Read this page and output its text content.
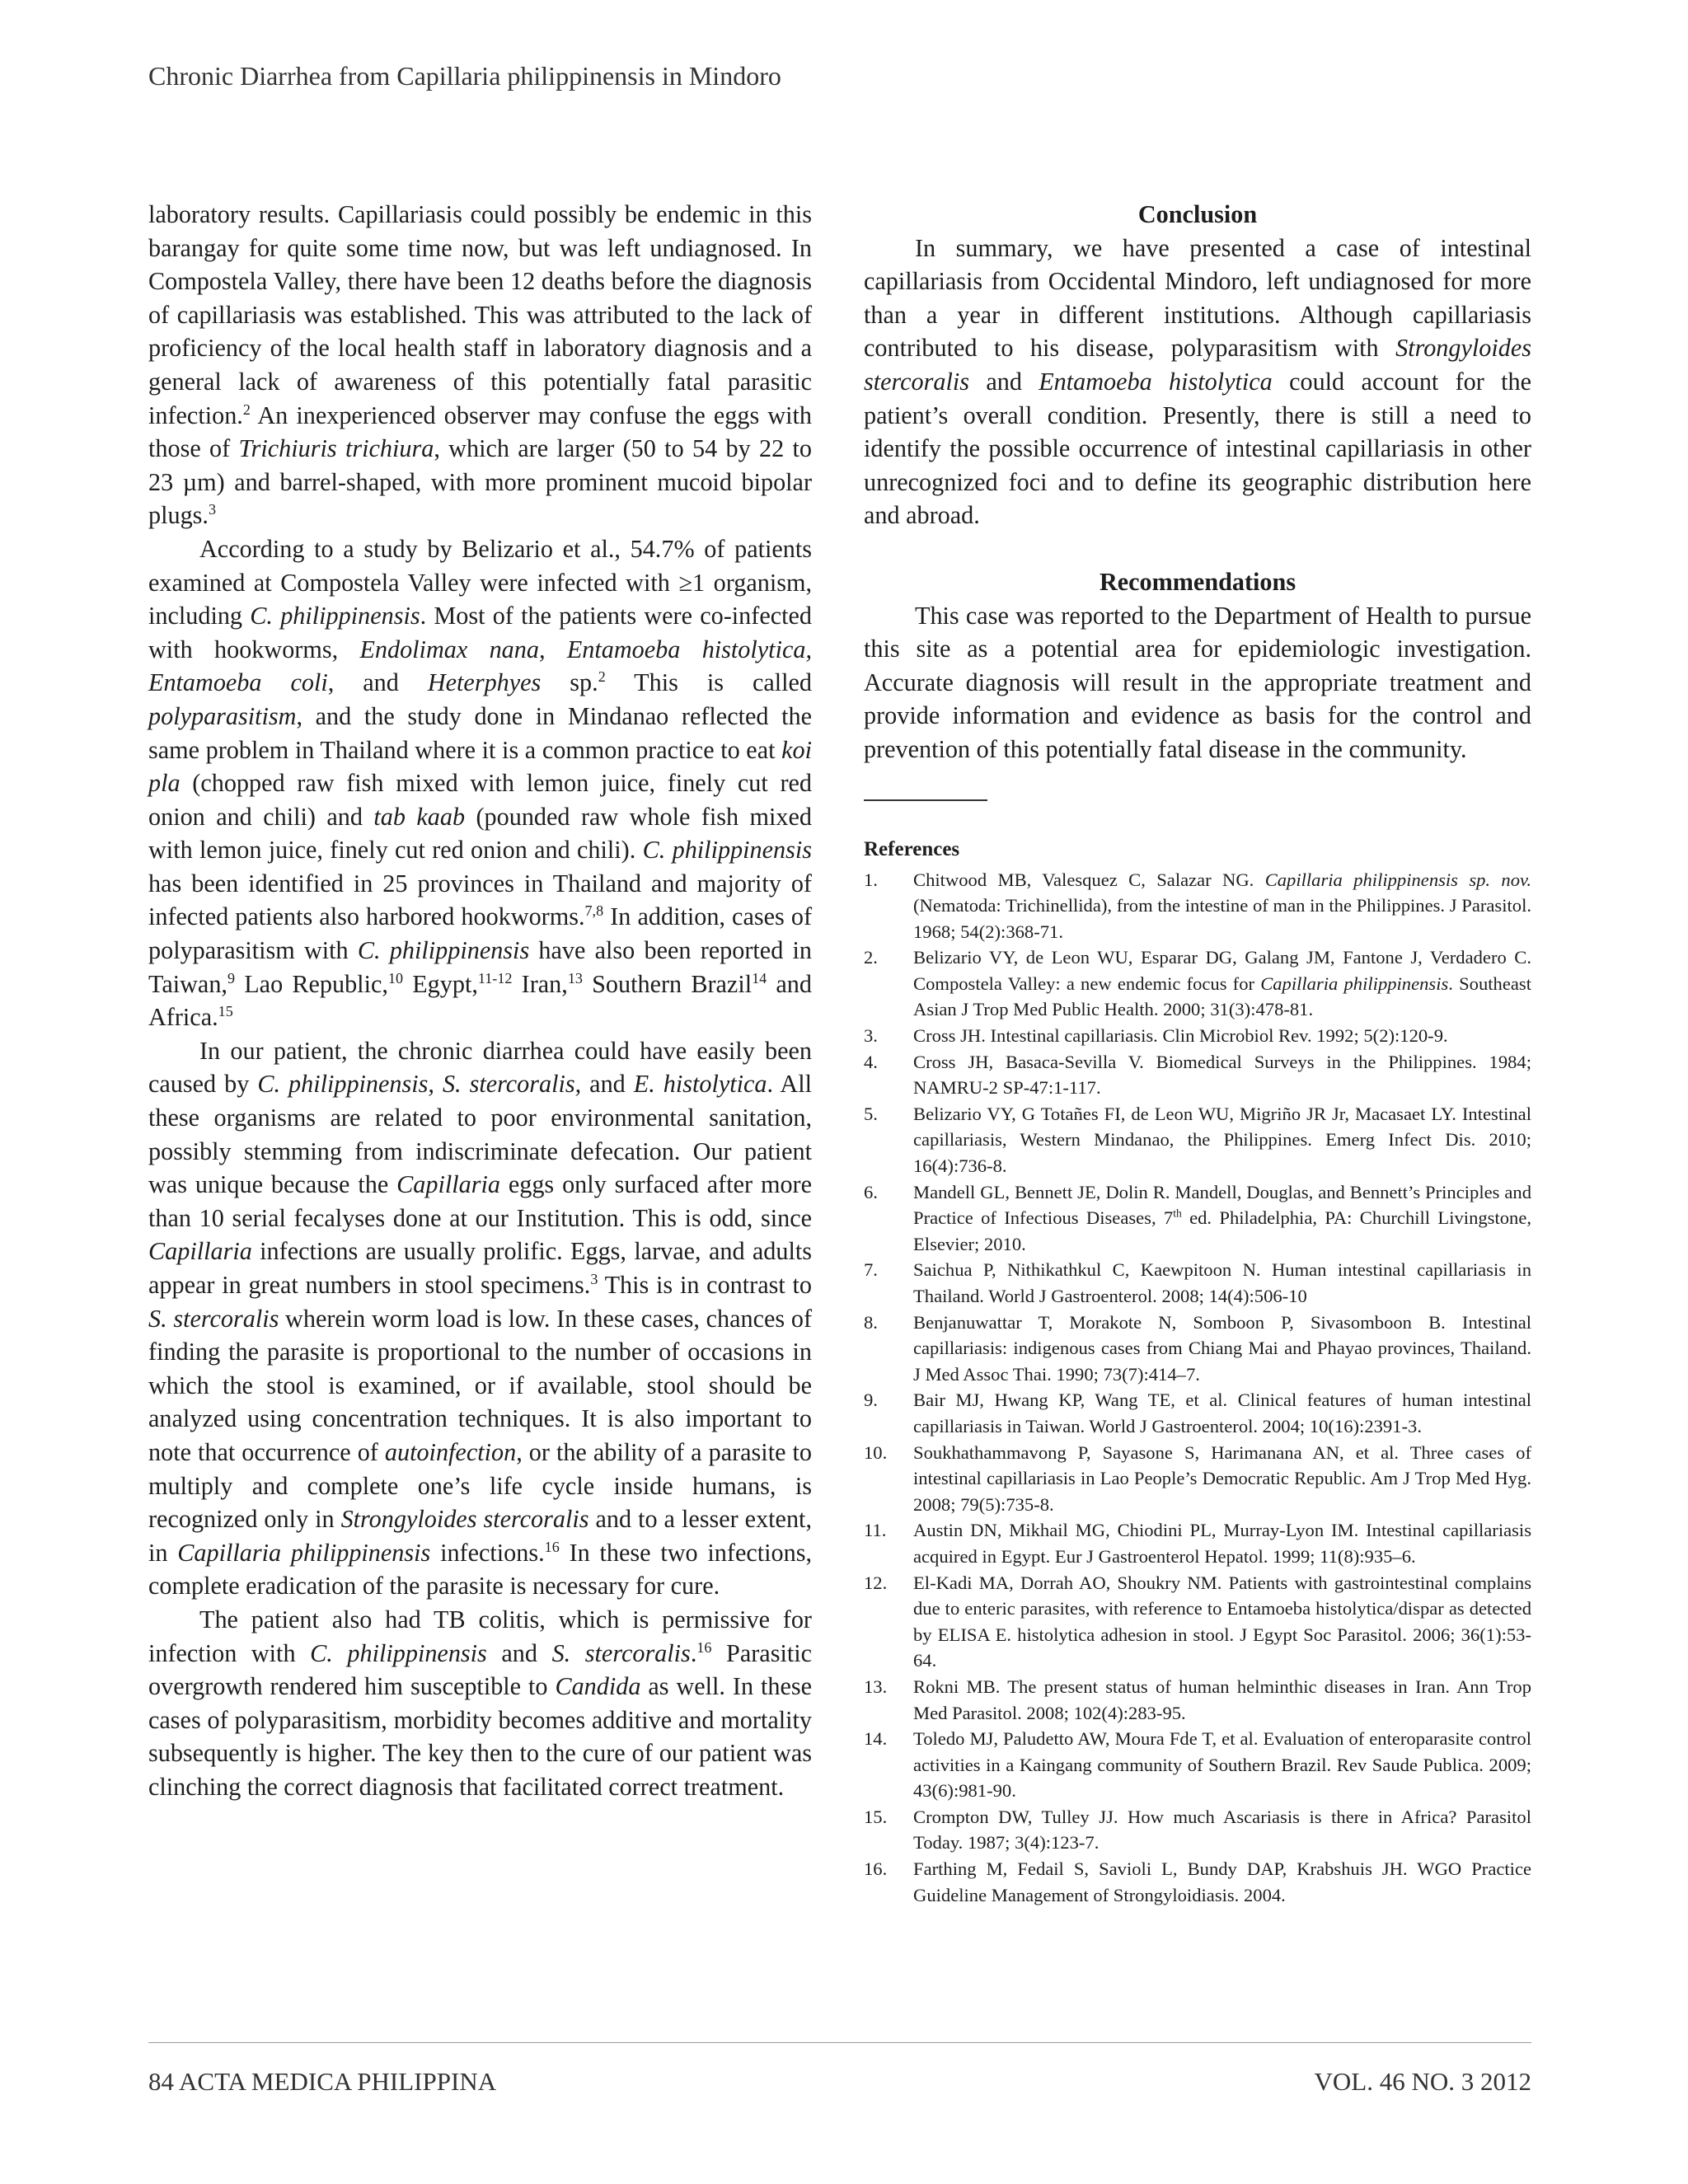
Chronic Diarrhea from Capillaria philippinensis in Mindoro

laboratory results. Capillariasis could possibly be endemic in this barangay for quite some time now, but was left undiagnosed. In Compostela Valley, there have been 12 deaths before the diagnosis of capillariasis was established. This was attributed to the lack of proficiency of the local health staff in laboratory diagnosis and a general lack of awareness of this potentially fatal parasitic infection.$^2$ An inexperienced observer may confuse the eggs with those of Trichiuris trichiura, which are larger (50 to 54 by 22 to 23 µm) and barrel-shaped, with more prominent mucoid bipolar plugs.$^3$

According to a study by Belizario et al., 54.7% of patients examined at Compostela Valley were infected with ≥1 organism, including C. philippinensis. Most of the patients were co-infected with hookworms, Endolimax nana, Entamoeba histolytica, Entamoeba coli, and Heterphyes sp.$^2$ This is called polyparasitism, and the study done in Mindanao reflected the same problem in Thailand where it is a common practice to eat koi pla (chopped raw fish mixed with lemon juice, finely cut red onion and chili) and tab kaab (pounded raw whole fish mixed with lemon juice, finely cut red onion and chili). C. philippinensis has been identified in 25 provinces in Thailand and majority of infected patients also harbored hookworms.$^{7,8}$ In addition, cases of polyparasitism with C. philippinensis have also been reported in Taiwan,$^9$ Lao Republic,$^{10}$ Egypt,$^{11-12}$ Iran,$^{13}$ Southern Brazil$^{14}$ and Africa.$^{15}$

In our patient, the chronic diarrhea could have easily been caused by C. philippinensis, S. stercoralis, and E. histolytica. All these organisms are related to poor environmental sanitation, possibly stemming from indiscriminate defecation. Our patient was unique because the Capillaria eggs only surfaced after more than 10 serial fecalyses done at our Institution. This is odd, since Capillaria infections are usually prolific. Eggs, larvae, and adults appear in great numbers in stool specimens.$^3$ This is in contrast to S. stercoralis wherein worm load is low. In these cases, chances of finding the parasite is proportional to the number of occasions in which the stool is examined, or if available, stool should be analyzed using concentration techniques. It is also important to note that occurrence of autoinfection, or the ability of a parasite to multiply and complete one’s life cycle inside humans, is recognized only in Strongyloides stercoralis and to a lesser extent, in Capillaria philippinensis infections.$^{16}$ In these two infections, complete eradication of the parasite is necessary for cure.

The patient also had TB colitis, which is permissive for infection with C. philippinensis and S. stercoralis.$^{16}$ Parasitic overgrowth rendered him susceptible to Candida as well. In these cases of polyparasitism, morbidity becomes additive and mortality subsequently is higher. The key then to the cure of our patient was clinching the correct diagnosis that facilitated correct treatment.

Conclusion

In summary, we have presented a case of intestinal capillariasis from Occidental Mindoro, left undiagnosed for more than a year in different institutions. Although capillariasis contributed to his disease, polyparasitism with Strongyloides stercoralis and Entamoeba histolytica could account for the patient’s overall condition. Presently, there is still a need to identify the possible occurrence of intestinal capillariasis in other unrecognized foci and to define its geographic distribution here and abroad.

Recommendations

This case was reported to the Department of Health to pursue this site as a potential area for epidemiologic investigation. Accurate diagnosis will result in the appropriate treatment and provide information and evidence as basis for the control and prevention of this potentially fatal disease in the community.

References
1. Chitwood MB, Valesquez C, Salazar NG. Capillaria philippinensis sp. nov. (Nematoda: Trichinellida), from the intestine of man in the Philippines. J Parasitol. 1968; 54(2):368-71.
2. Belizario VY, de Leon WU, Esparar DG, Galang JM, Fantone J, Verdadero C. Compostela Valley: a new endemic focus for Capillaria philippinensis. Southeast Asian J Trop Med Public Health. 2000; 31(3):478-81.
3. Cross JH. Intestinal capillariasis. Clin Microbiol Rev. 1992; 5(2):120-9.
4. Cross JH, Basaca-Sevilla V. Biomedical Surveys in the Philippines. 1984; NAMRU-2 SP-47:1-117.
5. Belizario VY, G Totañes FI, de Leon WU, Migriño JR Jr, Macasaet LY. Intestinal capillariasis, Western Mindanao, the Philippines. Emerg Infect Dis. 2010; 16(4):736-8.
6. Mandell GL, Bennett JE, Dolin R. Mandell, Douglas, and Bennett’s Principles and Practice of Infectious Diseases, 7th ed. Philadelphia, PA: Churchill Livingstone, Elsevier; 2010.
7. Saichua P, Nithikathkul C, Kaewpitoon N. Human intestinal capillariasis in Thailand. World J Gastroenterol. 2008; 14(4):506-10
8. Benjanuwattar T, Morakote N, Somboon P, Sivasomboon B. Intestinal capillariasis: indigenous cases from Chiang Mai and Phayao provinces, Thailand. J Med Assoc Thai. 1990; 73(7):414–7.
9. Bair MJ, Hwang KP, Wang TE, et al. Clinical features of human intestinal capillariasis in Taiwan. World J Gastroenterol. 2004; 10(16):2391-3.
10. Soukhathammavong P, Sayasone S, Harimanana AN, et al. Three cases of intestinal capillariasis in Lao People’s Democratic Republic. Am J Trop Med Hyg. 2008; 79(5):735-8.
11. Austin DN, Mikhail MG, Chiodini PL, Murray-Lyon IM. Intestinal capillariasis acquired in Egypt. Eur J Gastroenterol Hepatol. 1999; 11(8):935–6.
12. El-Kadi MA, Dorrah AO, Shoukry NM. Patients with gastrointestinal complains due to enteric parasites, with reference to Entamoeba histolytica/dispar as detected by ELISA E. histolytica adhesion in stool. J Egypt Soc Parasitol. 2006; 36(1):53-64.
13. Rokni MB. The present status of human helminthic diseases in Iran. Ann Trop Med Parasitol. 2008; 102(4):283-95.
14. Toledo MJ, Paludetto AW, Moura Fde T, et al. Evaluation of enteroparasite control activities in a Kaingang community of Southern Brazil. Rev Saude Publica. 2009; 43(6):981-90.
15. Crompton DW, Tulley JJ. How much Ascariasis is there in Africa? Parasitol Today. 1987; 3(4):123-7.
16. Farthing M, Fedail S, Savioli L, Bundy DAP, Krabshuis JH. WGO Practice Guideline Management of Strongyloidiasis. 2004.
84 ACTA MEDICA PHILIPPINA	VOL. 46 NO. 3 2012
